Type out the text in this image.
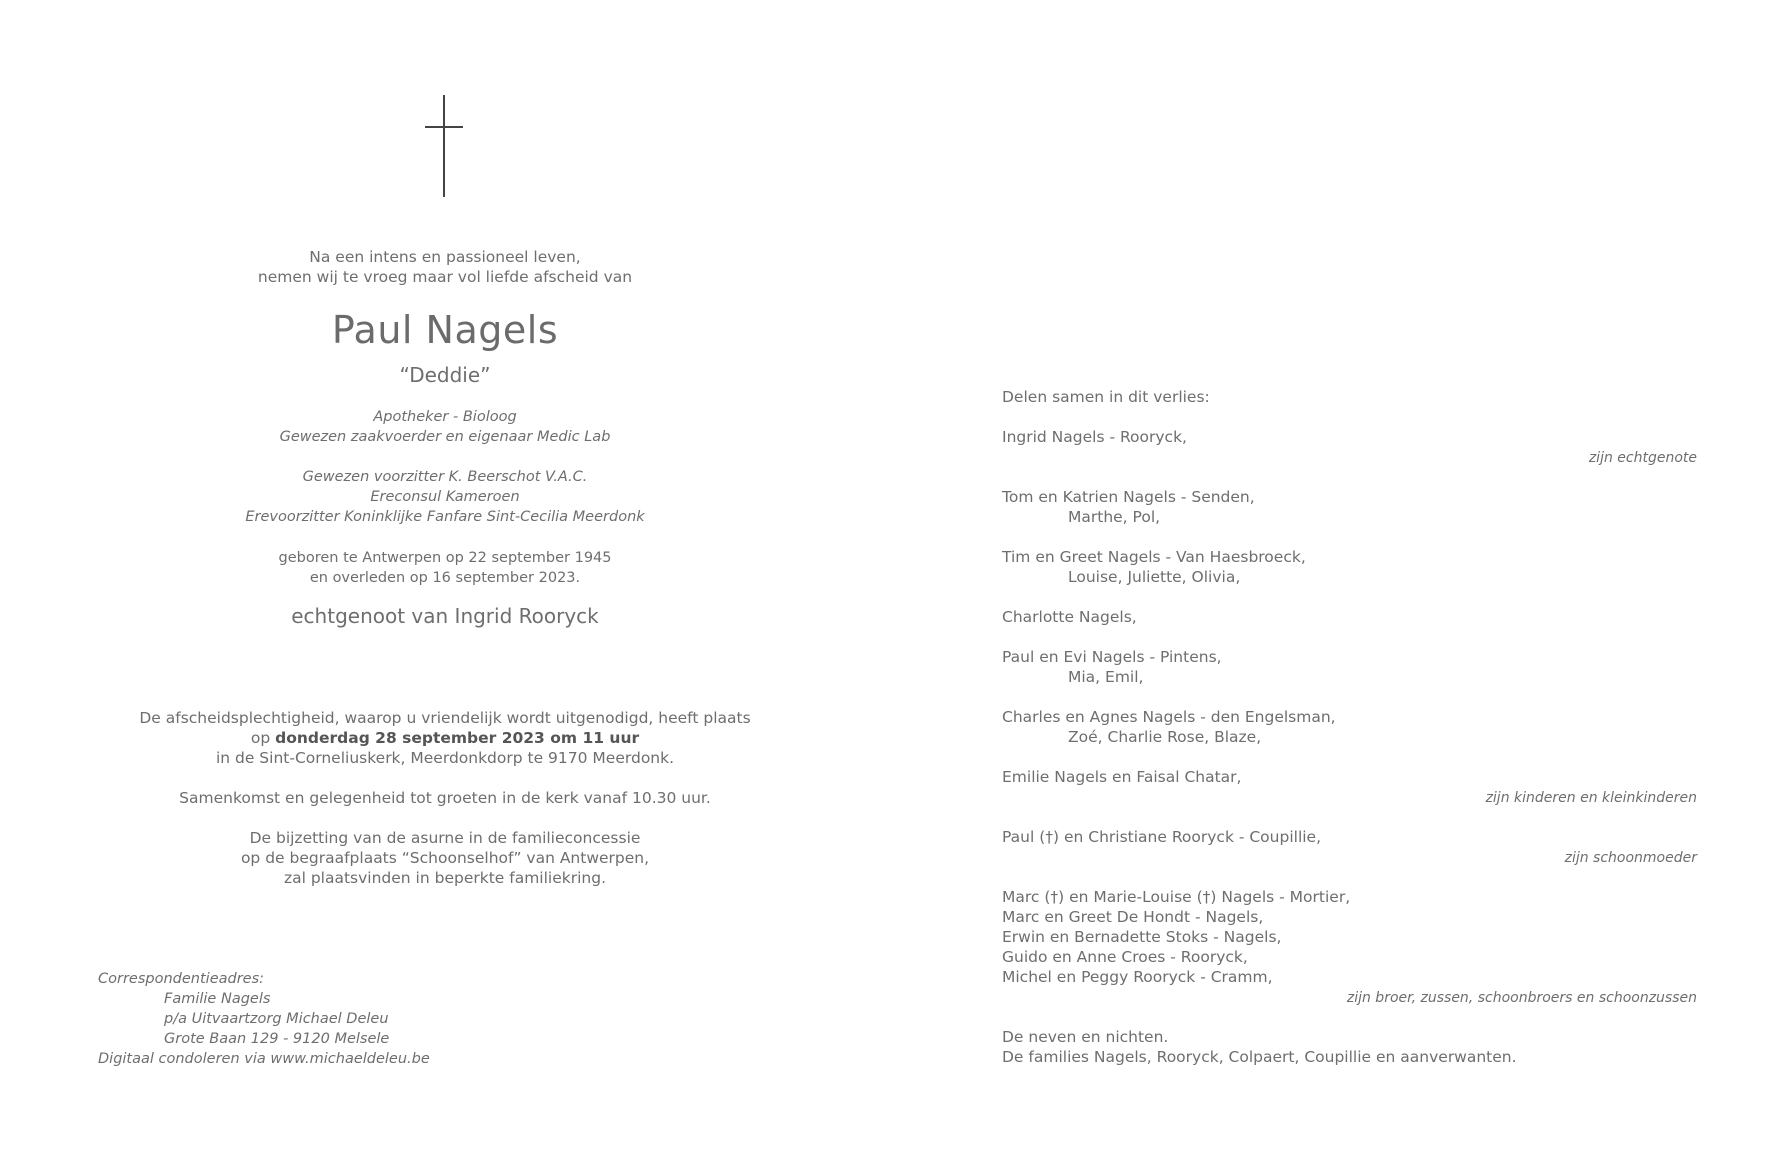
Na een intens en passioneel leven,
nemen wij te vroeg maar vol liefde afscheid van
Paul Nagels
“Deddie”
Apotheker - Bioloog
Gewezen zaakvoerder en eigenaar Medic Lab
Gewezen voorzitter K. Beerschot V.A.C.
Ereconsul Kameroen
Erevoorzitter Koninklijke Fanfare Sint-Cecilia Meerdonk
geboren te Antwerpen op 22 september 1945
en overleden op 16 september 2023.
echtgenoot van Ingrid Rooryck
De afscheidsplechtigheid, waarop u vriendelijk wordt uitgenodigd, heeft plaats
op donderdag 28 september 2023 om 11 uur
in de Sint-Corneliuskerk, Meerdonkdorp te 9170 Meerdonk.
Samenkomst en gelegenheid tot groeten in de kerk vanaf 10.30 uur.
De bijzetting van de asurne in de familieconcessie
op de begraafplaats “Schoonselhof” van Antwerpen,
zal plaatsvinden in beperkte familiekring.
Correspondentieadres:
Familie Nagels
p/a Uitvaartzorg Michael Deleu
Grote Baan 129 - 9120 Melsele
Digitaal condoleren via www.michaeldeleu.be
Delen samen in dit verlies:
Ingrid Nagels - Rooryck,
zijn echtgenote
Tom en Katrien Nagels - Senden,
Marthe, Pol,
Tim en Greet Nagels - Van Haesbroeck,
Louise, Juliette, Olivia,
Charlotte Nagels,
Paul en Evi Nagels - Pintens,
Mia, Emil,
Charles en Agnes Nagels - den Engelsman,
Zoé, Charlie Rose, Blaze,
Emilie Nagels en Faisal Chatar,
zijn kinderen en kleinkinderen
Paul (†) en Christiane Rooryck - Coupillie,
zijn schoonmoeder
Marc (†) en Marie-Louise (†) Nagels - Mortier,
Marc en Greet De Hondt - Nagels,
Erwin en Bernadette Stoks - Nagels,
Guido en Anne Croes - Rooryck,
Michel en Peggy Rooryck - Cramm,
zijn broer, zussen, schoonbroers en schoonzussen
De neven en nichten.
De families Nagels, Rooryck, Colpaert, Coupillie en aanverwanten.
